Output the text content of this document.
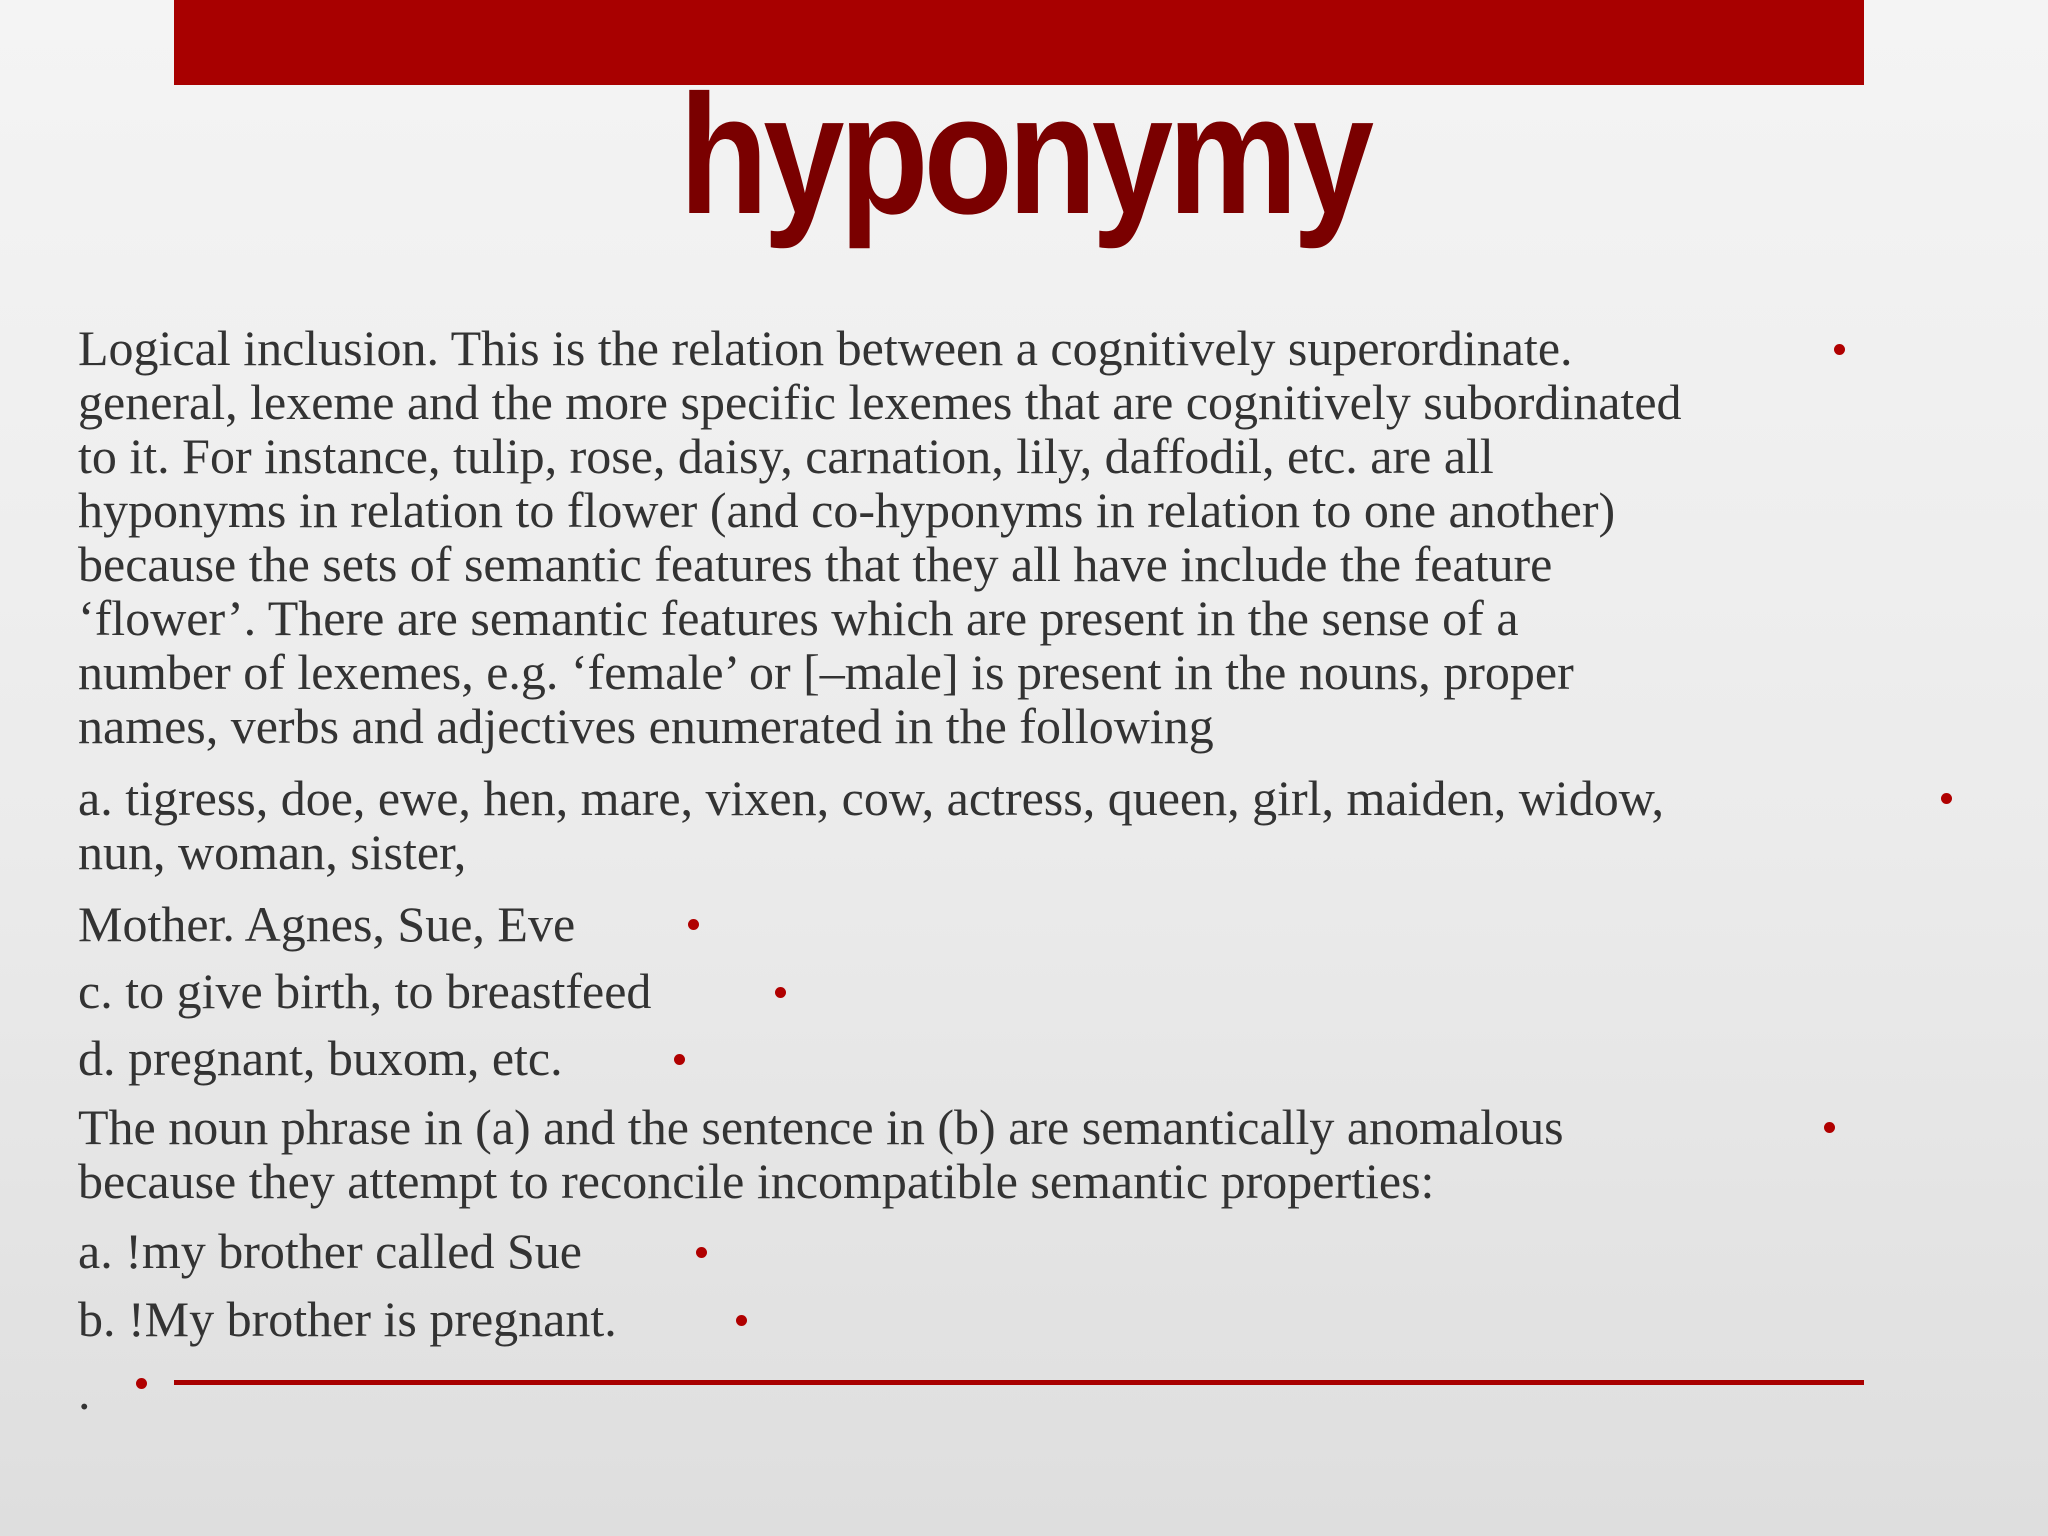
hyponymy

Logical inclusion. This is the relation between a cognitively superordinate.
general, lexeme and the more specific lexemes that are cognitively subordinated
to it. For instance, tulip, rose, daisy, carnation, lily, daffodil, etc. are all
hyponyms in relation to flower (and co-hyponyms in relation to one another)
because the sets of semantic features that they all have include the feature
‘flower’. There are semantic features which are present in the sense of a
number of lexemes, e.g. ‘female’ or [–male] is present in the nouns, proper
names, verbs and adjectives enumerated in the following

a. tigress, doe, ewe, hen, mare, vixen, cow, actress, queen, girl, maiden, widow,
nun, woman, sister,

Mother. Agnes, Sue, Eve

c. to give birth, to breastfeed

d. pregnant, buxom, etc.

The noun phrase in (a) and the sentence in (b) are semantically anomalous
because they attempt to reconcile incompatible semantic properties:

a. !my brother called Sue

b. !My brother is pregnant.

.
